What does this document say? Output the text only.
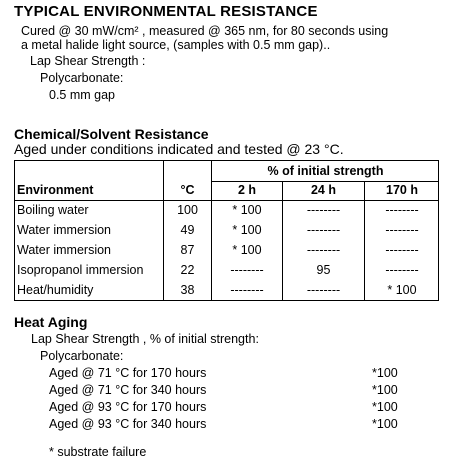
TYPICAL ENVIRONMENTAL RESISTANCE
Cured @ 30 mW/cm² , measured @ 365 nm, for 80 seconds using
a metal halide light source, (samples with 0.5 mm gap)..
Lap Shear Strength :
Polycarbonate:
0.5 mm gap
Chemical/Solvent Resistance
Aged under conditions indicated and tested @ 23 °C.
% of initial strength
Environment	°C	2 h	24 h	170 h
Boiling water	100	* 100	--------	--------
Water immersion	49	* 100	--------	--------
Water immersion	87	* 100	--------	--------
Isopropanol immersion	22	--------	95	--------
Heat/humidity	38	--------	--------	* 100
Heat Aging
Lap Shear Strength , % of initial strength:
Polycarbonate:
Aged @ 71 °C for 170 hours	*100
Aged @ 71 °C for 340 hours	*100
Aged @ 93 °C for 170 hours	*100
Aged @ 93 °C for 340 hours	*100
* substrate failure
